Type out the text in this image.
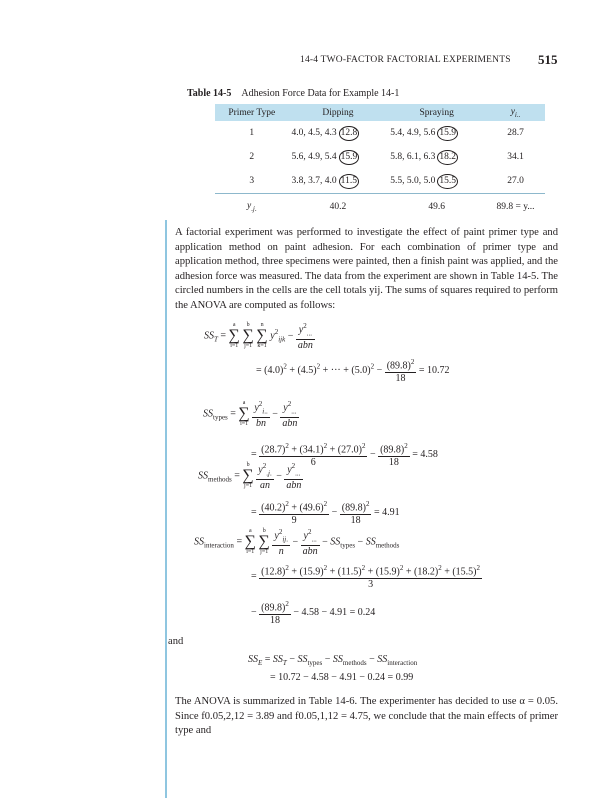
14-4 TWO-FACTOR FACTORIAL EXPERIMENTS 515
Table 14-5 Adhesion Force Data for Example 14-1
Primer Type	Dipping	Spraying	$y_{i..}$
1	4.0, 4.5, 4.3 12.8	5.4, 4.9, 5.6 15.9	28.7
2	5.6, 4.9, 5.4 15.9	5.8, 6.1, 6.3 18.2	34.1
3	3.8, 3.7, 4.0 11.5	5.5, 5.0, 5.0 15.5	27.0
$y_{.j.}$	40.2	49.6	89.8 = y...
A factorial experiment was performed to investigate the effect of paint primer type and application method on paint adhesion. For each combination of primer type and application method, three specimens were painted, then a finish paint was applied, and the adhesion force was measured. The data from the experiment are shown in Table 14-5. The circled numbers in the cells are the cell totals yij. The sums of squares required to perform the ANOVA are computed as follows:
$SS_T = a$
∑
i=1 b
∑
j=1 n
∑
k=1 $y^2_{ijk} - \frac{y^2_{...}}{\text{abn}}$
= $(4.0)^2 + (4.5)^2$ + ··· + $(5.0)^2 - \frac{(89.8)^2}{18} = 10.72$
$SS_{types} = a$
∑
$i=1 \frac{y^2_{i..}}{bn} - \frac{y^2_{...}}{\text{abn}}$
= $\frac{(28.7)^2 + (34.1)^2 + (27.0)^2}{6} - \frac{(89.8)^2}{18} = 4.58$
$SS_{methods} = b$
∑
$j=1 \frac{y^2_{.j.}}{an} - \frac{y^2_{...}}{\text{abn}}$
= $\frac{(40.2)^2 + (49.6)^2}{9} - \frac{(89.8)^2}{18} = 4.91$
$SS_{interaction} = a$
∑
i=1 b
∑
$j=1 \frac{y^2_{ij.}}{n} - \frac{y^2_{...}}{\text{abn}} - SS_{types} - SS_{methods}$
= $\frac{(12.8)^2 + (15.9)^2 + (11.5)^2 + (15.9)^2 + (18.2)^2 + (15.5)^2}{3}$
− $\frac{(89.8)^2}{18} - 4.58 - 4.91 = 0.24$
and
$SS_E = SS_T - SS_{types} - SS_{methods} - SS_{interaction}$
= 10.72 − 4.58 − 4.91 − 0.24 = 0.99
The ANOVA is summarized in Table 14-6. The experimenter has decided to use α = 0.05. Since f0.05,2,12 = 3.89 and f0.05,1,12 = 4.75, we conclude that the main effects of primer type and
